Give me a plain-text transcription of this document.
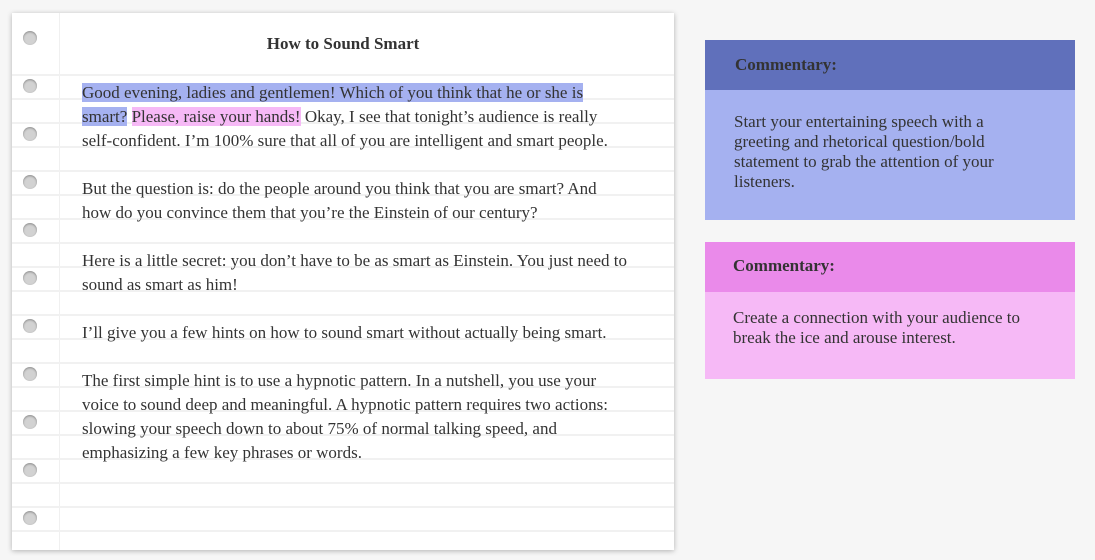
How to Sound Smart

Good evening, ladies and gentlemen! Which of you think that he or she is smart? Please, raise your hands! Okay, I see that tonight’s audience is really self-confident. I’m 100% sure that all of you are intelligent and smart people.

But the question is: do the people around you think that you are smart? And how do you convince them that you’re the Einstein of our century?

Here is a little secret: you don’t have to be as smart as Einstein. You just need to sound as smart as him!

I’ll give you a few hints on how to sound smart without actually being smart.

The first simple hint is to use a hypnotic pattern. In a nutshell, you use your voice to sound deep and meaningful. A hypnotic pattern requires two actions: slowing your speech down to about 75% of normal talking speed, and emphasizing a few key phrases or words.

Commentary:
Start your entertaining speech with a greeting and rhetorical question/bold statement to grab the attention of your listeners.
Commentary:
Create a connection with your audience to break the ice and arouse interest.
